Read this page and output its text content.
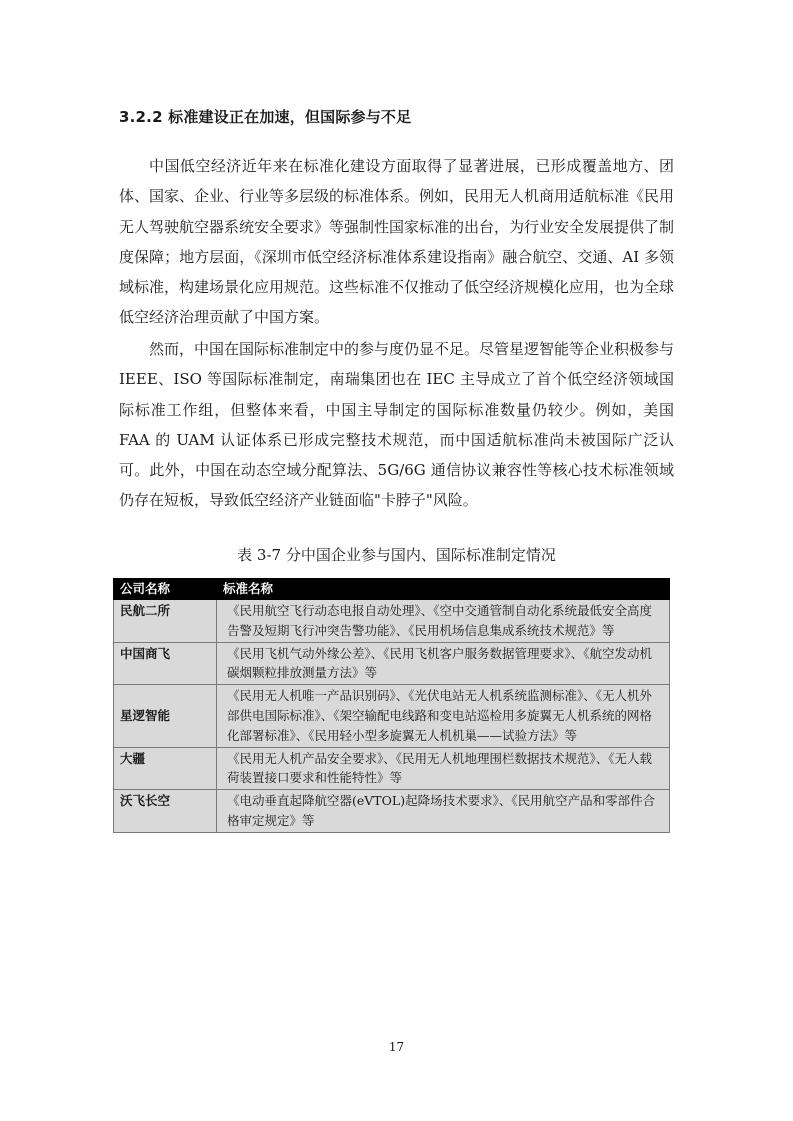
3.2.2 标准建设正在加速，但国际参与不足

中国低空经济近年来在标准化建设方面取得了显著进展，已形成覆盖地方、团体、国家、企业、行业等多层级的标准体系。例如，民用无人机商用适航标准《民用无人驾驶航空器系统安全要求》等强制性国家标准的出台，为行业安全发展提供了制度保障；地方层面，《深圳市低空经济标准体系建设指南》融合航空、交通、AI 多领域标准，构建场景化应用规范。这些标准不仅推动了低空经济规模化应用，也为全球低空经济治理贡献了中国方案。

然而，中国在国际标准制定中的参与度仍显不足。尽管星逻智能等企业积极参与 IEEE、ISO 等国际标准制定，南瑞集团也在 IEC 主导成立了首个低空经济领域国际标准工作组，但整体来看，中国主导制定的国际标准数量仍较少。例如，美国 FAA 的 UAM 认证体系已形成完整技术规范，而中国适航标准尚未被国际广泛认可。此外，中国在动态空域分配算法、5G/6G 通信协议兼容性等核心技术标准领域仍存在短板，导致低空经济产业链面临"卡脖子"风险。

表 3-7 分中国企业参与国内、国际标准制定情况

公司名称	标准名称
民航二所	《民用航空飞行动态电报自动处理》、《空中交通管制自动化系统最低安全高度告警及短期飞行冲突告警功能》、《民用机场信息集成系统技术规范》等
中国商飞	《民用飞机气动外缘公差》、《民用飞机客户服务数据管理要求》、《航空发动机碳烟颗粒排放测量方法》等
星逻智能	《民用无人机唯一产品识别码》、《光伏电站无人机系统监测标准》、《无人机外部供电国际标准》、《架空输配电线路和变电站巡检用多旋翼无人机系统的网格化部署标准》、《民用轻小型多旋翼无人机机巢——试验方法》等
大疆	《民用无人机产品安全要求》、《民用无人机地理围栏数据技术规范》、《无人载荷装置接口要求和性能特性》等
沃飞长空	《电动垂直起降航空器(eVTOL)起降场技术要求》、《民用航空产品和零部件合格审定规定》等

17
